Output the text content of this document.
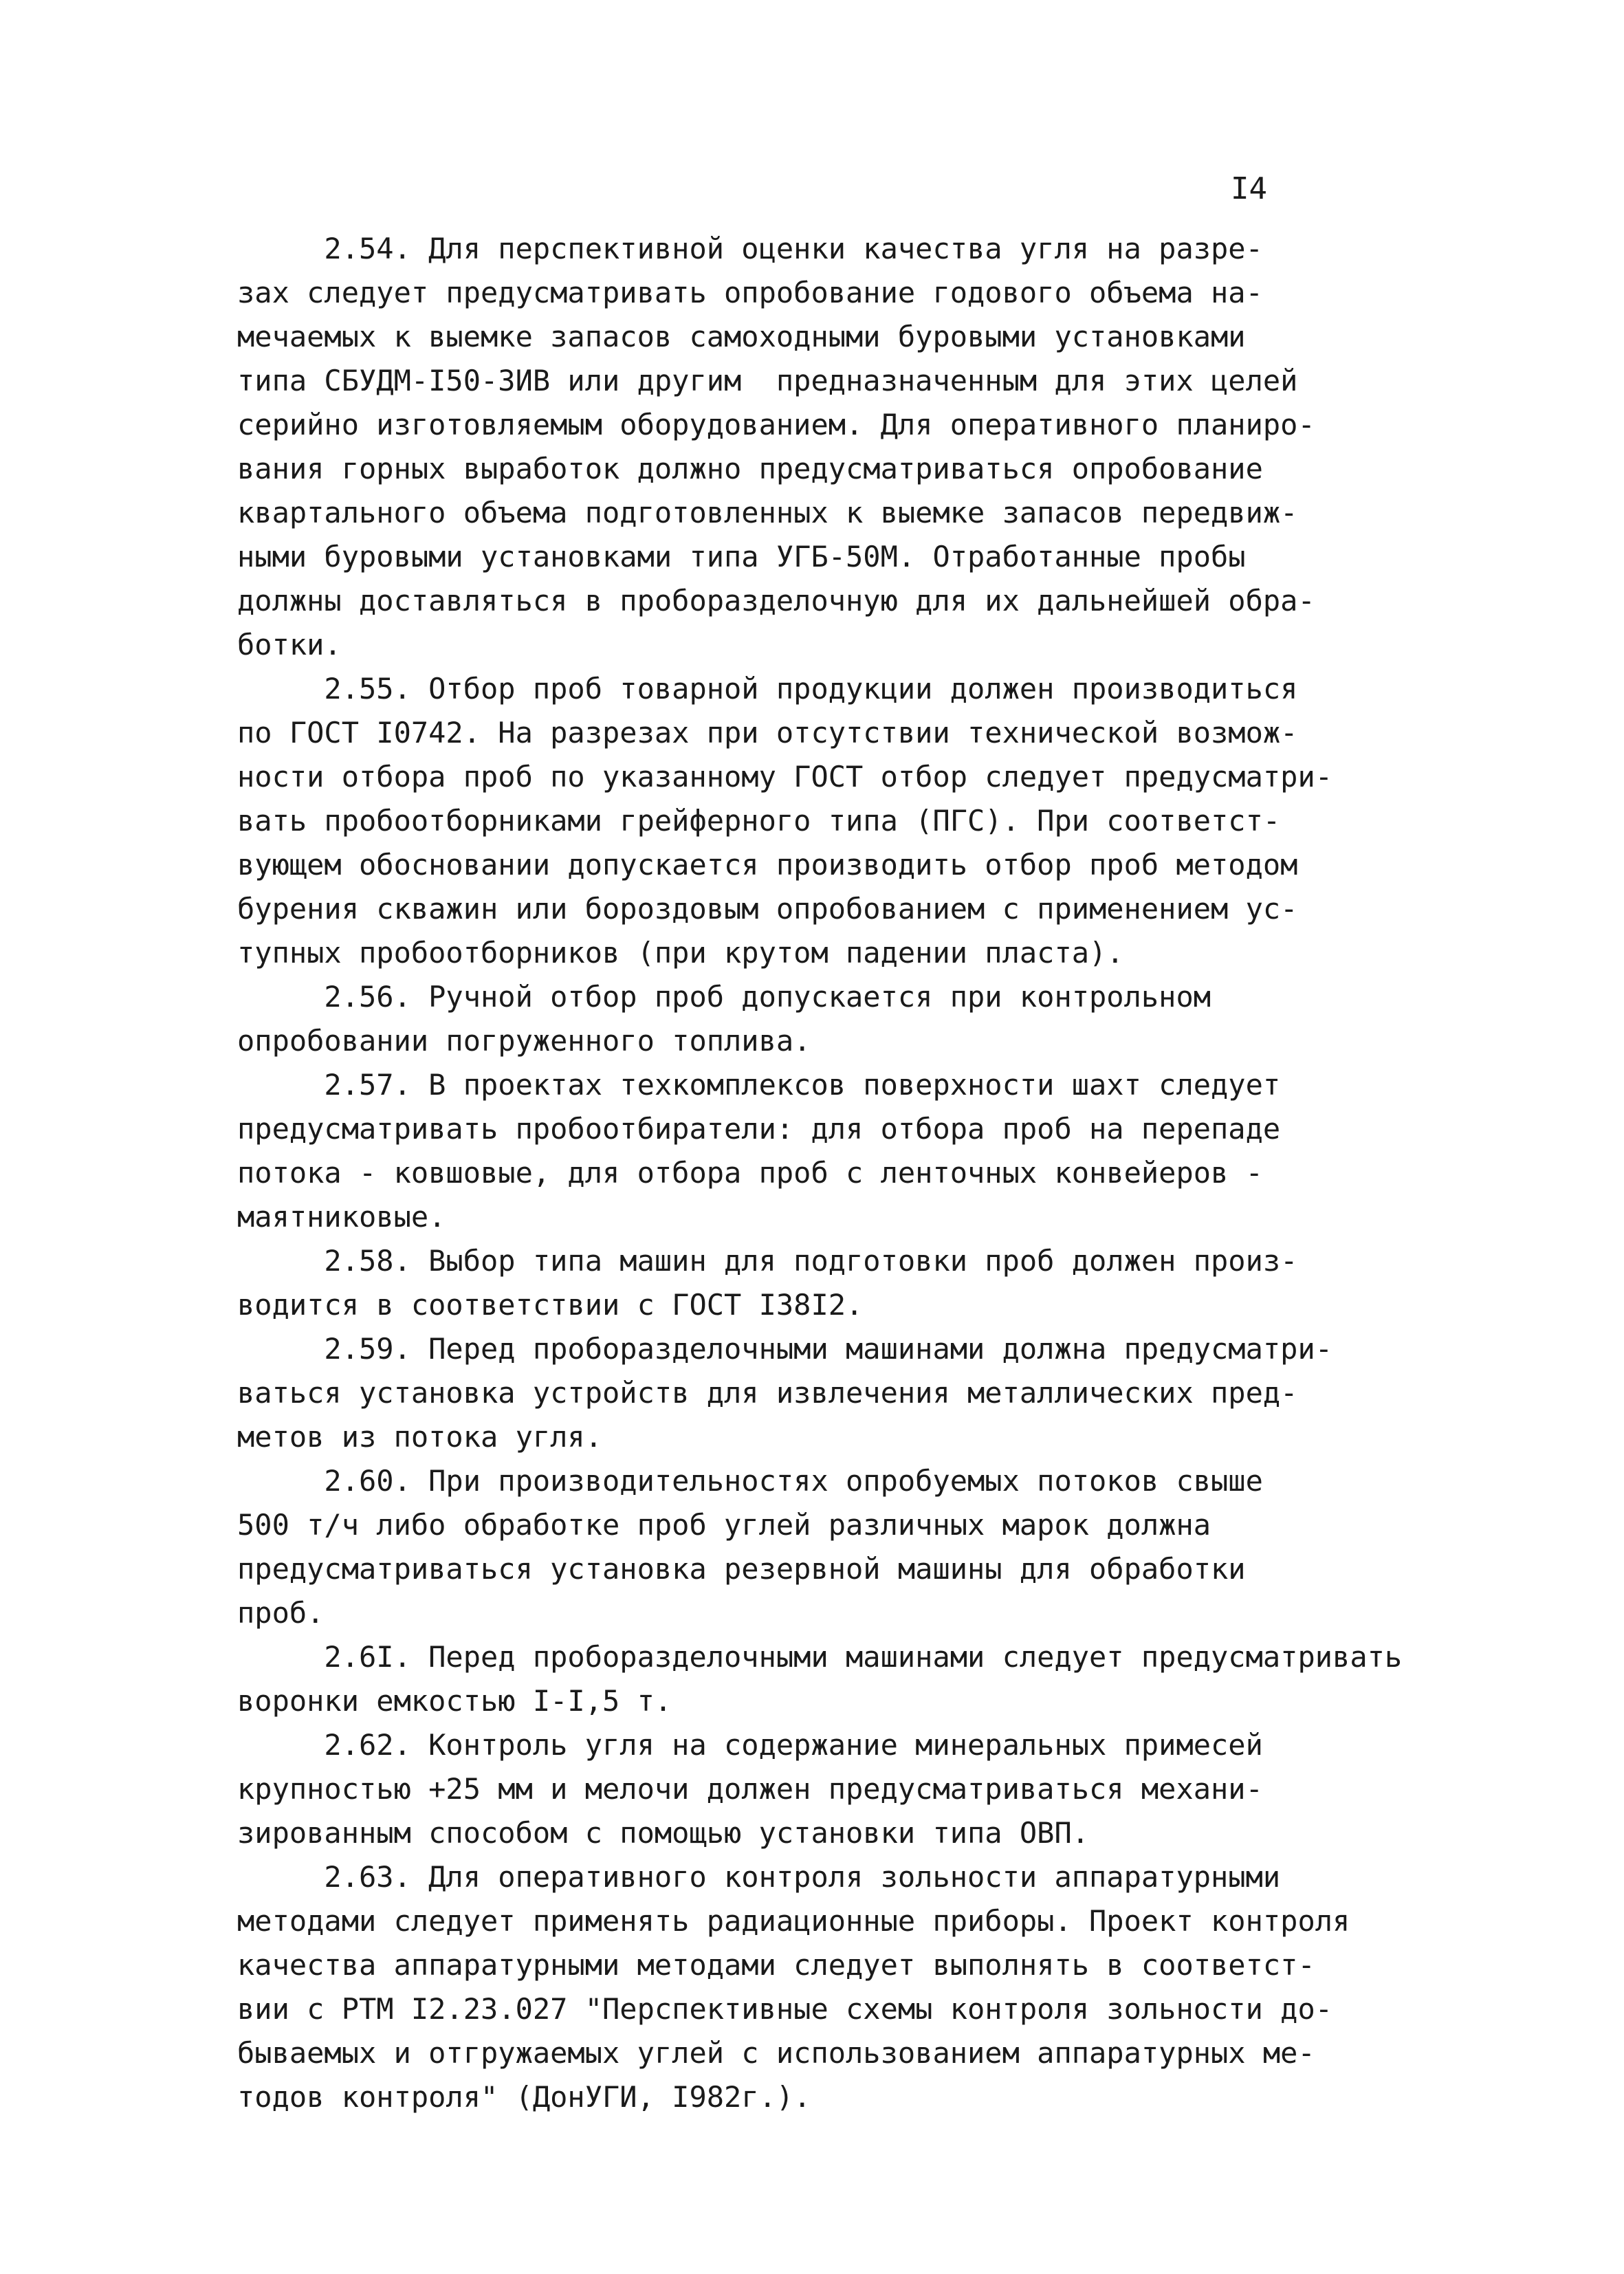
I4
2.54. Для перспективной оценки качества угля на разре-
зах следует предусматривать опробование годового объема на-
мечаемых к выемке запасов самоходными буровыми установками
типа СБУДМ-I50-ЗИВ или другим  предназначенным для этих целей
серийно изготовляемым оборудованием. Для оперативного планиро-
вания горных выработок должно предусматриваться опробование
квартального объема подготовленных к выемке запасов передвиж-
ными буровыми установками типа УГБ-50М. Отработанные пробы
должны доставляться в проборазделочную для их дальнейшей обра-
ботки.
2.55. Отбор проб товарной продукции должен производиться
по ГОСТ I0742. На разрезах при отсутствии технической возмож-
ности отбора проб по указанному ГОСТ отбор следует предусматри-
вать пробоотборниками грейферного типа (ПГС). При соответст-
вующем обосновании допускается производить отбор проб методом
бурения скважин или бороздовым опробованием с применением ус-
тупных пробоотборников (при крутом падении пласта).
2.56. Ручной отбор проб допускается при контрольном
опробовании погруженного топлива.
2.57. В проектах техкомплексов поверхности шахт следует
предусматривать пробоотбиратели: для отбора проб на перепаде
потока - ковшовые, для отбора проб с ленточных конвейеров -
маятниковые.
2.58. Выбор типа машин для подготовки проб должен произ-
водится в соответствии с ГОСТ I38I2.
2.59. Перед проборазделочными машинами должна предусматри-
ваться установка устройств для извлечения металлических пред-
метов из потока угля.
2.60. При производительностях опробуемых потоков свыше
500 т/ч либо обработке проб углей различных марок должна
предусматриваться установка резервной машины для обработки
проб.
2.6I. Перед проборазделочными машинами следует предусматривать
воронки емкостью I-I,5 т.
2.62. Контроль угля на содержание минеральных примесей
крупностью +25 мм и мелочи должен предусматриваться механи-
зированным способом с помощью установки типа ОВП.
2.63. Для оперативного контроля зольности аппаратурными
методами следует применять радиационные приборы. Проект контроля
качества аппаратурными методами следует выполнять в соответст-
вии с РТМ I2.23.027 "Перспективные схемы контроля зольности до-
бываемых и отгружаемых углей с использованием аппаратурных ме-
тодов контроля" (ДонУГИ, I982г.).
